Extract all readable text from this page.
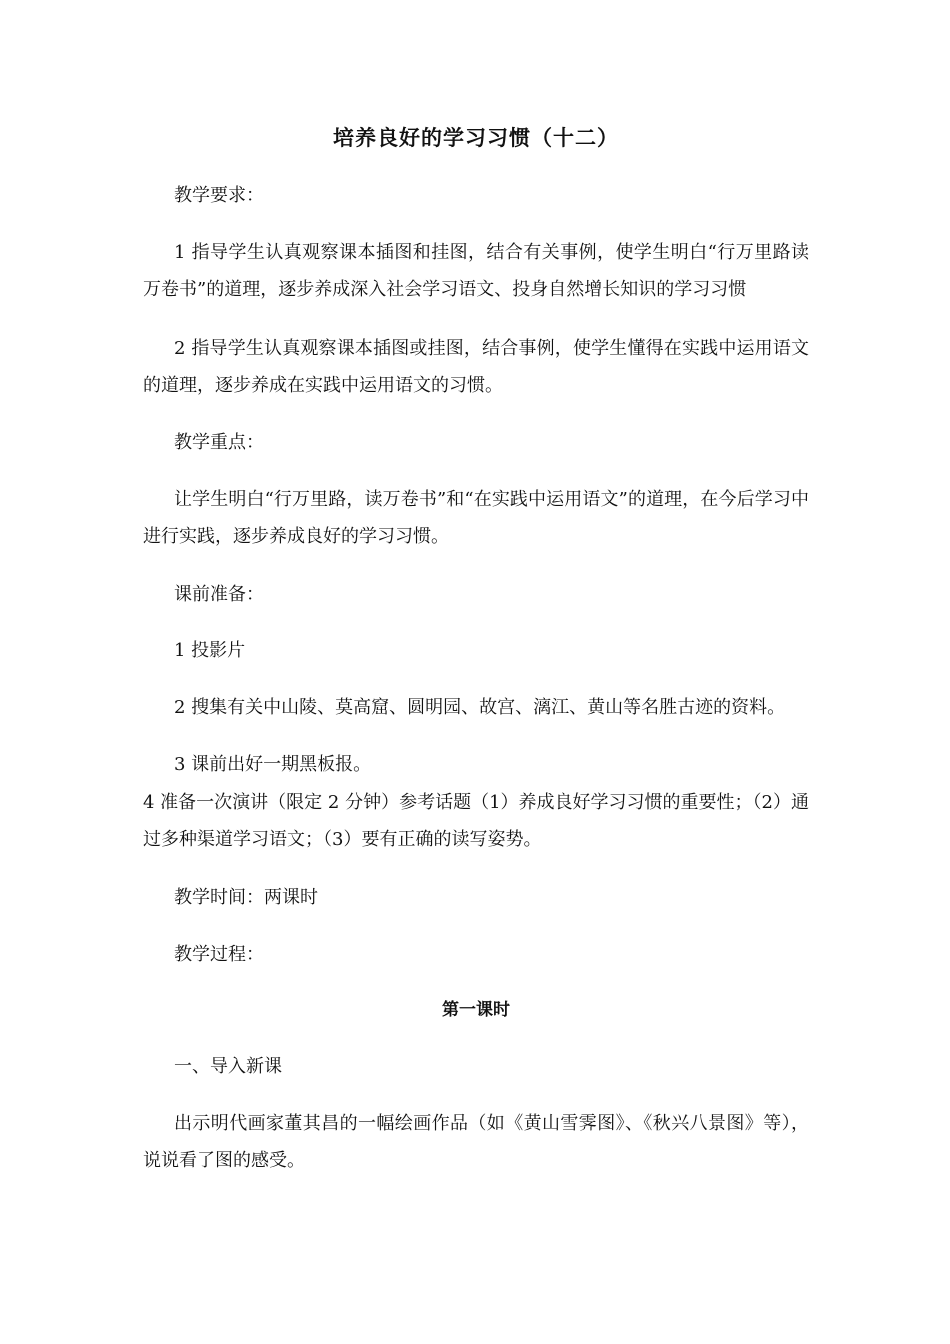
培养良好的学习习惯（十二）

教学要求：

1 指导学生认真观察课本插图和挂图，结合有关事例，使学生明白“行万里路读万卷书”的道理，逐步养成深入社会学习语文、投身自然增长知识的学习习惯

2 指导学生认真观察课本插图或挂图，结合事例，使学生懂得在实践中运用语文的道理，逐步养成在实践中运用语文的习惯。

教学重点：

让学生明白“行万里路，读万卷书”和“在实践中运用语文”的道理，在今后学习中进行实践，逐步养成良好的学习习惯。

课前准备：

1 投影片

2 搜集有关中山陵、莫高窟、圆明园、故宫、漓江、黄山等名胜古迹的资料。

3 课前出好一期黑板报。

4 准备一次演讲（限定 2 分钟）参考话题（1）养成良好学习习惯的重要性；（2）通过多种渠道学习语文；（3）要有正确的读写姿势。

教学时间：两课时

教学过程：

第一课时

一、导入新课

出示明代画家董其昌的一幅绘画作品（如《黄山雪霁图》、《秋兴八景图》等），说说看了图的感受。
